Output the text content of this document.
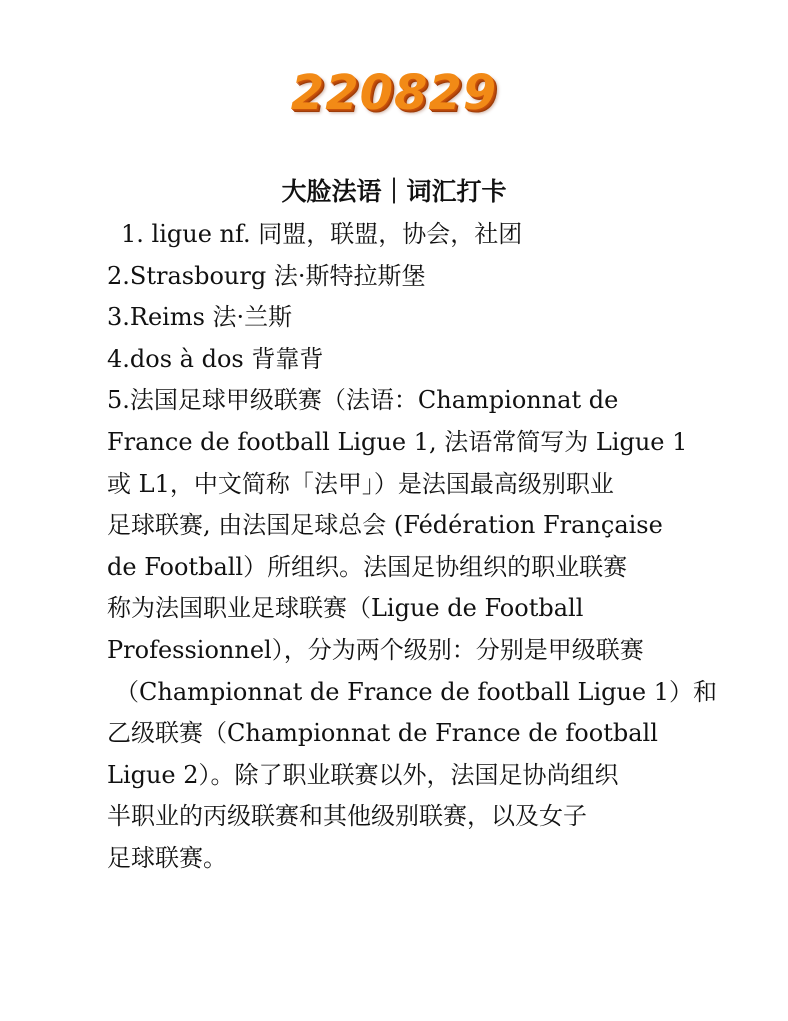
220829
大脸法语｜词汇打卡

1. ligue nf. 同盟，联盟，协会，社团

2.Strasbourg 法·斯特拉斯堡

3.Reims 法·兰斯

4.dos à dos 背靠背

5.法国足球甲级联赛（法语：Championnat de

France de football Ligue 1, 法语常简写为 Ligue 1

或 L1，中文简称「法甲」）是法国最高级别职业

足球联赛, 由法国足球总会 (Fédération Française

de Football）所组织。法国足协组织的职业联赛

称为法国职业足球联赛（Ligue de Football

Professionnel），分为两个级别：分别是甲级联赛

（Championnat de France de football Ligue 1）和

乙级联赛（Championnat de France de football

Ligue 2）。除了职业联赛以外，法国足协尚组织

半职业的丙级联赛和其他级别联赛，以及女子

足球联赛。
